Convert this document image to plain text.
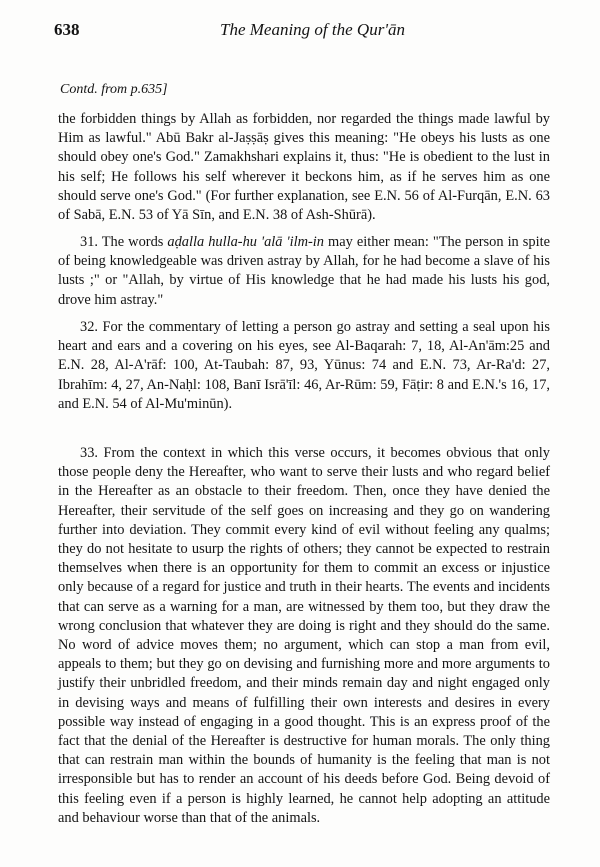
638	The Meaning of the Qur'ān
Contd. from p.635]

the forbidden things by Allah as forbidden, nor regarded the things made lawful by Him as lawful." Abū Bakr al-Jaṣṣāṣ gives this meaning: "He obeys his lusts as one should obey one's God." Zamakhshari explains it, thus: "He is obedient to the lust in his self; He follows his self wherever it beckons him, as if he serves him as one should serve one's God." (For further explanation, see E.N. 56 of Al-Furqān, E.N. 63 of Sabā, E.N. 53 of Yā Sīn, and E.N. 38 of Ash-Shūrā).

31. The words aḍalla hulla-hu 'alā 'ilm-in may either mean: "The person in spite of being knowledgeable was driven astray by Allah, for he had become a slave of his lusts ;" or "Allah, by virtue of His knowledge that he had made his lusts his god, drove him astray."

32. For the commentary of letting a person go astray and setting a seal upon his heart and ears and a covering on his eyes, see Al-Baqarah: 7, 18, Al-An'ām:25 and E.N. 28, Al-A'rāf: 100, At-Taubah: 87, 93, Yūnus: 74 and E.N. 73, Ar-Ra'd: 27, Ibrahīm: 4, 27, An-Naḥl: 108, Banī Isrā'īl: 46, Ar-Rūm: 59, Fāṭir: 8 and E.N.'s 16, 17, and E.N. 54 of Al-Mu'minūn).

33. From the context in which this verse occurs, it becomes obvious that only those people deny the Hereafter, who want to serve their lusts and who regard belief in the Hereafter as an obstacle to their freedom. Then, once they have denied the Hereafter, their servitude of the self goes on increasing and they go on wandering further into deviation. They commit every kind of evil without feeling any qualms; they do not hesitate to usurp the rights of others; they cannot be expected to restrain themselves when there is an opportunity for them to commit an excess or injustice only because of a regard for justice and truth in their hearts. The events and incidents that can serve as a warning for a man, are witnessed by them too, but they draw the wrong conclusion that whatever they are doing is right and they should do the same. No word of advice moves them; no argument, which can stop a man from evil, appeals to them; but they go on devising and furnishing more and more arguments to justify their unbridled freedom, and their minds remain day and night engaged only in devising ways and means of fulfilling their own interests and desires in every possible way instead of engaging in a good thought. This is an express proof of the fact that the denial of the Hereafter is destructive for human morals. The only thing that can restrain man within the bounds of humanity is the feeling that man is not irresponsible but has to render an account of his deeds before God. Being devoid of this feeling even if a person is highly learned, he cannot help adopting an attitude and behaviour worse than that of the animals.
